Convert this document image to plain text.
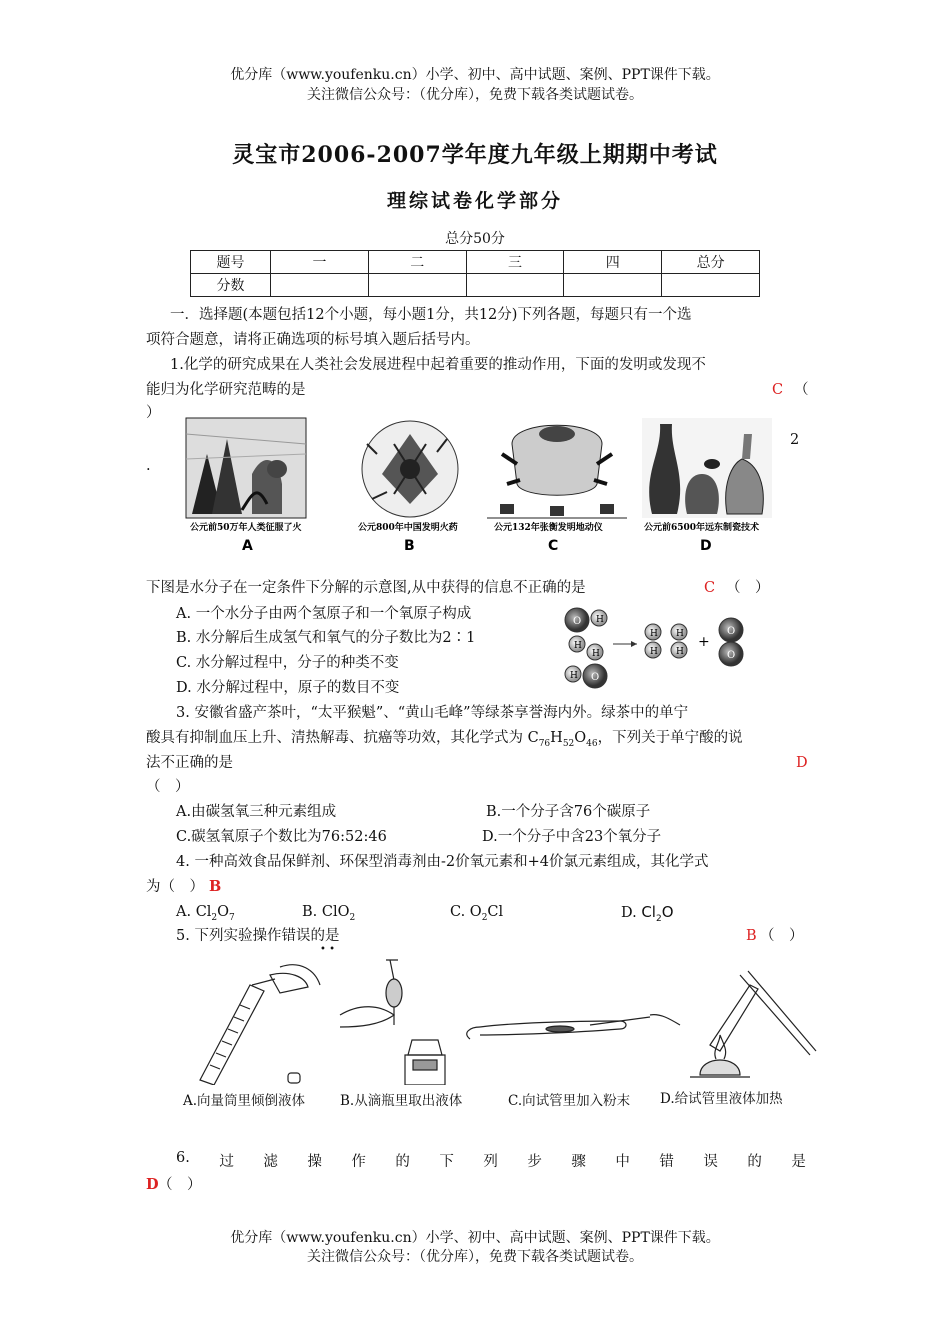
优分库（www.youfenku.cn）小学、初中、高中试题、案例、PPT课件下载。
关注微信公众号：（优分库），免费下载各类试题试卷。
灵宝市2006-2007学年度九年级上期期中考试
理综试卷化学部分
总分50分
题号	一	二	三	四	总分
分数					
一．选择题(本题包括12个小题，每小题1分，共12分)下列各题，每题只有一个选
项符合题意，请将正确选项的标号填入题后括号内。
1.化学的研究成果在人类社会发展进程中起着重要的推动作用，下面的发明或发现不
能归为化学研究范畴的是	C （
）
2
.
公元前50万年人类征服了火	公元800年中国发明火药	公元132年张衡发明地动仪	公元前6500年远东制瓷技术
A	B	C	D
下图是水分子在一定条件下分解的示意图,从中获得的信息不正确的是	C （　）
A. 一个水分子由两个氢原子和一个氧原子构成
B. 水分解后生成氢气和氧气的分子数比为2∶1
C. 水分解过程中，分子的种类不变
D. 水分解过程中，原子的数目不变
O H
H
O
H
H
H
H
H
H
+
O
O
3. 安徽省盛产茶叶，“太平猴魁”、“黄山毛峰”等绿茶享誉海内外。绿茶中的单宁
酸具有抑制血压上升、清热解毒、抗癌等功效，其化学式为 $C_{76}H_{52}O_{46}$，下列关于单宁酸的说
法不正确的是	D
（　）
A.由碳氢氧三种元素组成	B.一个分子含76个碳原子
C.碳氢氧原子个数比为76:52:46	D.一个分子中含23个氧分子
4. 一种高效食品保鲜剂、环保型消毒剂由-2价氧元素和+4价氯元素组成，其化学式
为（　） B
A. $Cl_2O_7$	B. ClO$_2$	C. $O_2Cl$	D. $Cl_2O$
5. 下列实验操作错误的是
• •
B （　）
A.向量筒里倾倒液体	B.从滴瓶里取出液体	C.向试管里加入粉末 D.给试管里液体加热
6. 过 滤 操 作 的 下 列 步 骤 中 错 误 的 是
D （　）
优分库（www.youfenku.cn）小学、初中、高中试题、案例、PPT课件下载。
关注微信公众号：（优分库），免费下载各类试题试卷。
